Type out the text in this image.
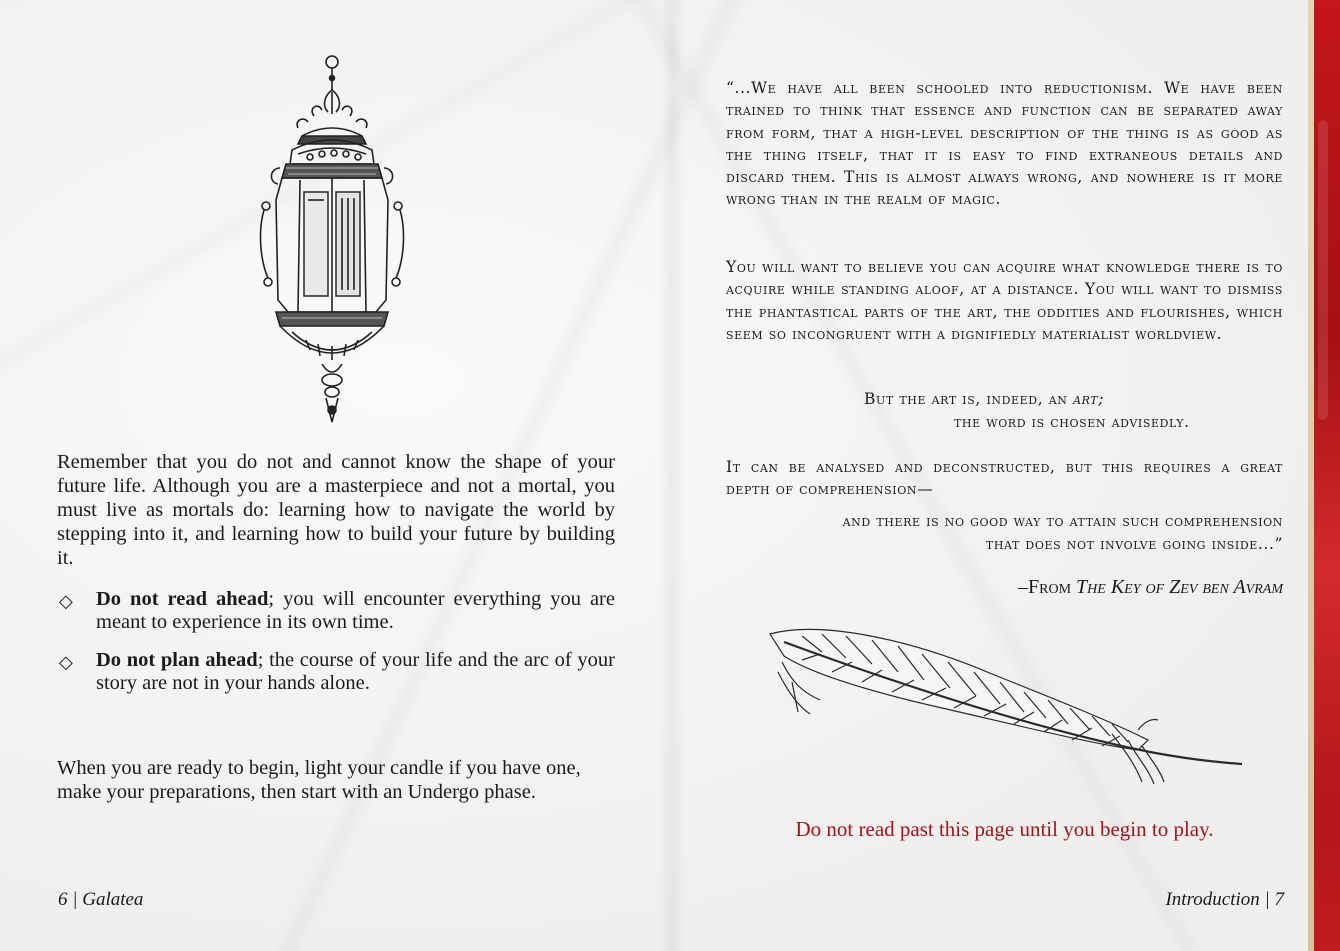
Remember that you do not and cannot know the shape of your future life. Although you are a masterpiece and not a mortal, you must live as mortals do: learning how to navigate the world by stepping into it, and learning how to build your future by building it.

◇	Do not read ahead; you will encounter everything you are meant to experience in its own time.
◇	Do not plan ahead; the course of your life and the arc of your story are not in your hands alone.

When you are ready to begin, light your candle if you have one, make your preparations, then start with an Undergo phase.

6 | Galatea

“...We have all been schooled into reductionism. We have been trained to think that essence and function can be separated away from form, that a high-level description of the thing is as good as the thing itself, that it is easy to find extraneous details and discard them. This is almost always wrong, and nowhere is it more wrong than in the realm of magic.

You will want to believe you can acquire what knowledge there is to acquire while standing aloof, at a distance. You will want to dismiss the phantastical parts of the art, the oddities and flourishes, which seem so incongruent with a dignifiedly materialist worldview.

But the art is, indeed, an art;

the word is chosen advisedly.

It can be analysed and deconstructed, but this requires a great depth of comprehension—

and there is no good way to attain such comprehension

that does not involve going inside...”

–From The Key of Zev ben Avram
Do not read past this page until you begin to play.
Introduction | 7
